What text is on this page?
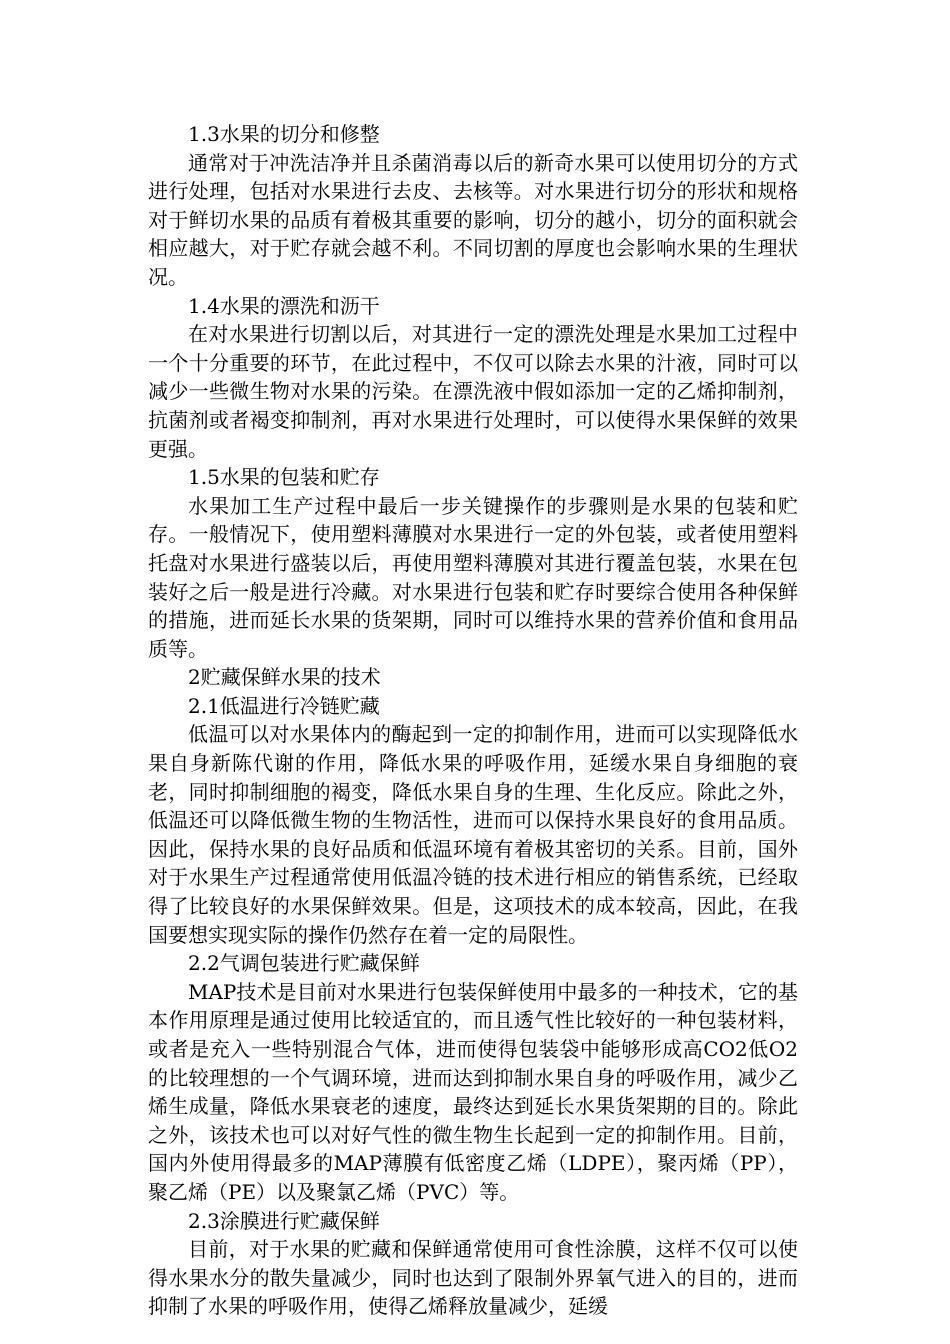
1.3水果的切分和修整

通常对于冲洗洁净并且杀菌消毒以后的新奇水果可以使用切分的方式进行处理，包括对水果进行去皮、去核等。对水果进行切分的形状和规格对于鲜切水果的品质有着极其重要的影响，切分的越小，切分的面积就会相应越大，对于贮存就会越不利。不同切割的厚度也会影响水果的生理状况。

1.4水果的漂洗和沥干

在对水果进行切割以后，对其进行一定的漂洗处理是水果加工过程中一个十分重要的环节，在此过程中，不仅可以除去水果的汁液，同时可以减少一些微生物对水果的污染。在漂洗液中假如添加一定的乙烯抑制剂，抗菌剂或者褐变抑制剂，再对水果进行处理时，可以使得水果保鲜的效果更强。

1.5水果的包装和贮存

水果加工生产过程中最后一步关键操作的步骤则是水果的包装和贮存。一般情况下，使用塑料薄膜对水果进行一定的外包装，或者使用塑料托盘对水果进行盛装以后，再使用塑料薄膜对其进行覆盖包装，水果在包装好之后一般是进行冷藏。对水果进行包装和贮存时要综合使用各种保鲜的措施，进而延长水果的货架期，同时可以维持水果的营养价值和食用品质等。

2贮藏保鲜水果的技术

2.1低温进行冷链贮藏

低温可以对水果体内的酶起到一定的抑制作用，进而可以实现降低水果自身新陈代谢的作用，降低水果的呼吸作用，延缓水果自身细胞的衰老，同时抑制细胞的褐变，降低水果自身的生理、生化反应。除此之外，低温还可以降低微生物的生物活性，进而可以保持水果良好的食用品质。因此，保持水果的良好品质和低温环境有着极其密切的关系。目前，国外对于水果生产过程通常使用低温冷链的技术进行相应的销售系统，已经取得了比较良好的水果保鲜效果。但是，这项技术的成本较高，因此，在我国要想实现实际的操作仍然存在着一定的局限性。

2.2气调包装进行贮藏保鲜

MAP技术是目前对水果进行包装保鲜使用中最多的一种技术，它的基本作用原理是通过使用比较适宜的，而且透气性比较好的一种包装材料，或者是充入一些特别混合气体，进而使得包装袋中能够形成高CO2低O2的比较理想的一个气调环境，进而达到抑制水果自身的呼吸作用，减少乙烯生成量，降低水果衰老的速度，最终达到延长水果货架期的目的。除此之外，该技术也可以对好气性的微生物生长起到一定的抑制作用。目前，国内外使用得最多的MAP薄膜有低密度乙烯（LDPE），聚丙烯（PP），聚乙烯（PE）以及聚氯乙烯（PVC）等。

2.3涂膜进行贮藏保鲜

目前，对于水果的贮藏和保鲜通常使用可食性涂膜，这样不仅可以使得水果水分的散失量减少，同时也达到了限制外界氧气进入的目的，进而抑制了水果的呼吸作用，使得乙烯释放量减少，延缓
